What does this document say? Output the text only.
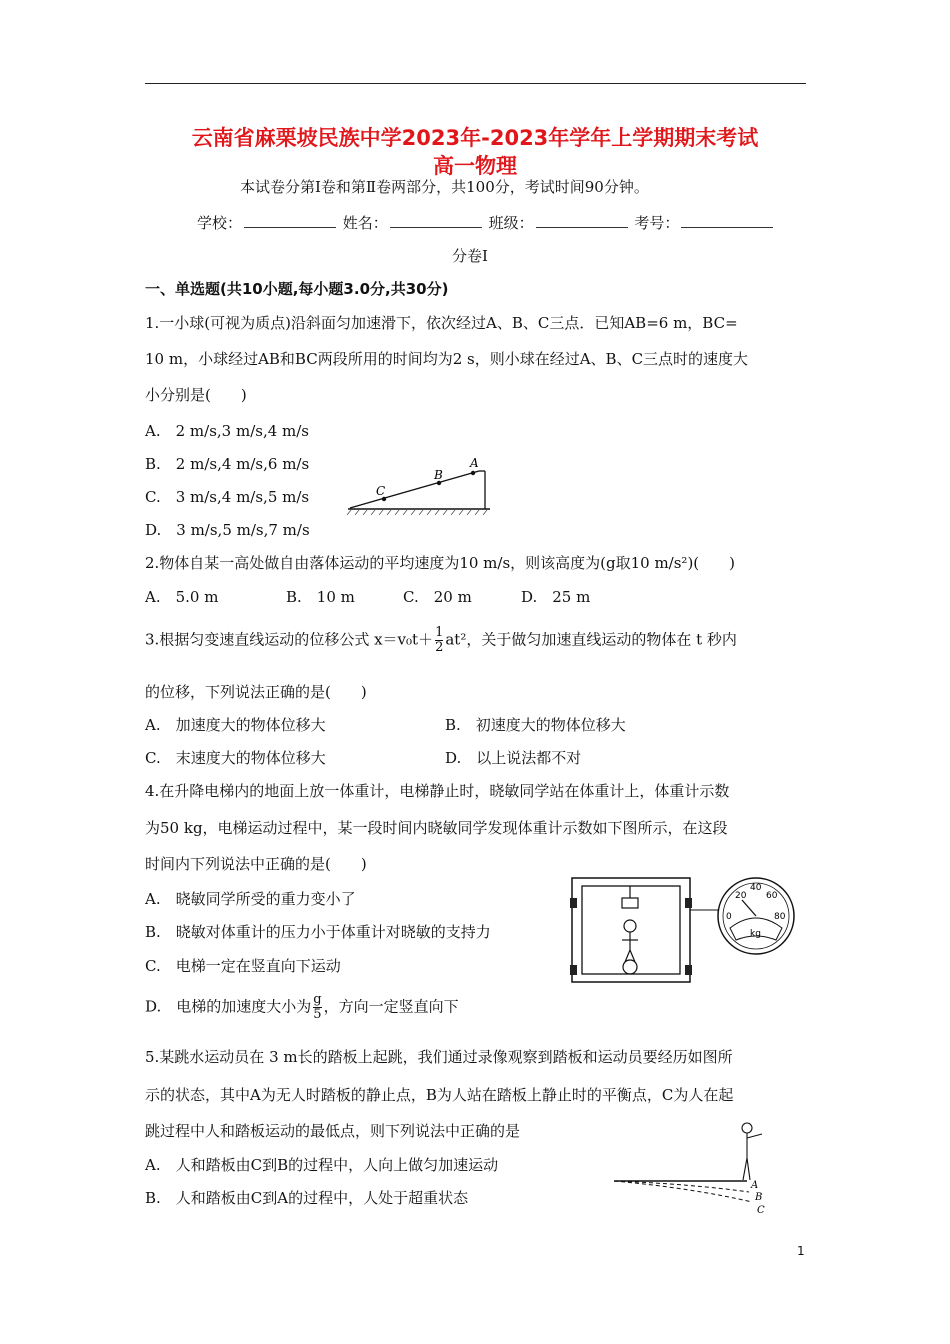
云南省麻栗坡民族中学2023年-2023年学年上学期期末考试
高一物理
本试卷分第Ⅰ卷和第Ⅱ卷两部分，共100分，考试时间90分钟。
学校：	姓名：	班级：	考号：
分卷Ⅰ
一、单选题(共10小题,每小题3.0分,共30分)
1.一小球(可视为质点)沿斜面匀加速滑下，依次经过A、B、C三点．已知AB=6 m，BC=
10 m，小球经过AB和BC两段所用的时间均为2 s，则小球在经过A、B、C三点时的速度大
小分别是(　　)
A.　2 m/s,3 m/s,4 m/s
B.　2 m/s,4 m/s,6 m/s
C.　3 m/s,4 m/s,5 m/s
D.　3 m/s,5 m/s,7 m/s
C
B
A
2.物体自某一高处做自由落体运动的平均速度为10 m/s，则该高度为(g取10 m/s²)(　　)
A.　5.0 m	B.　10 m	C.　20 m	D.　25 m
3.根据匀变速直线运动的位移公式 $x=v_0t+ \frac{1}{2} at^2$，关于做匀加速直线运动的物体在 t 秒内
的位移，下列说法正确的是(　　)
A.　加速度大的物体位移大	B.　初速度大的物体位移大
C.　末速度大的物体位移大	D.　以上说法都不对
4.在升降电梯内的地面上放一体重计，电梯静止时，晓敏同学站在体重计上，体重计示数
为50 kg，电梯运动过程中，某一段时间内晓敏同学发现体重计示数如下图所示，在这段
时间内下列说法中正确的是(　　)
A.　晓敏同学所受的重力变小了
B.　晓敏对体重计的压力小于体重计对晓敏的支持力
C.　电梯一定在竖直向下运动
D.　电梯的加速度大小为 $\frac{g}{5}$ ，方向一定竖直向下
20
40
60
0	80
kg
5.某跳水运动员在 3 m长的踏板上起跳，我们通过录像观察到踏板和运动员要经历如图所
示的状态，其中A为无人时踏板的静止点，B为人站在踏板上静止时的平衡点，C为人在起
跳过程中人和踏板运动的最低点，则下列说法中正确的是
A.　人和踏板由C到B的过程中，人向上做匀加速运动
B.　人和踏板由C到A的过程中，人处于超重状态
A
B
C
1
